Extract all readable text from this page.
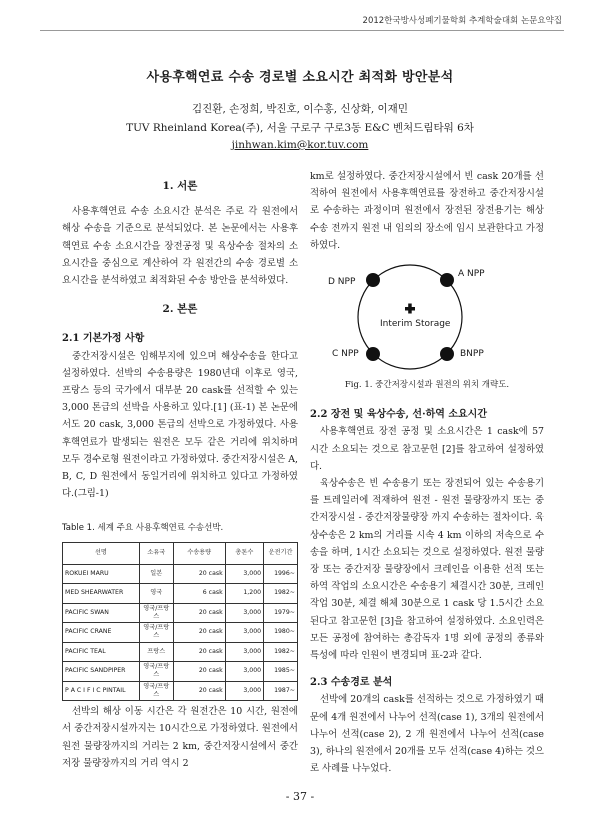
2012한국방사성폐기물학회 추계학술대회 논문요약집
사용후핵연료 수송 경로별 소요시간 최적화 방안분석
김진환, 손정희, 박진호, 이수홍, 신상화, 이재민
TUV Rheinland Korea(주), 서울 구로구 구로3동 E&C 벤처드림타워 6차
jinhwan.kim@kor.tuv.com

1. 서론

사용후핵연료 수송 소요시간 분석은 주로 각 원전에서 해상 수송을 기준으로 분석되었다. 본 논문에서는 사용후핵연료 수송 소요시간을 장전공정 및 육상수송 절차의 소요시간을 중심으로 계산하여 각 원전간의 수송 경로별 소요시간을 분석하였고 최적화된 수송 방안을 분석하였다.

2. 본론

2.1 기본가정 사항

중간저장시설은 임해부지에 있으며 해상수송을 한다고 설정하였다. 선박의 수송용량은 1980년대 이후로 영국, 프랑스 등의 국가에서 대부분 20 cask를 선적할 수 있는 3,000 톤급의 선박을 사용하고 있다.[1] (표-1) 본 논문에서도 20 cask, 3,000 톤급의 선박으로 가정하였다. 사용후핵연료가 발생되는 원전은 모두 같은 거리에 위치하며 모두 경수로형 원전이라고 가정하였다. 중간저장시설은 A, B, C, D 원전에서 동일거리에 위치하고 있다고 가정하였다.(그림-1)

Table 1. 세계 주요 사용후핵연료 수송선박.

선명	소유국	수송용량	총톤수	운전기간
ROKUEI MARU	일본	20 cask	3,000	1996~
MED SHEARWATER	영국	6 cask	1,200	1982~
PACIFIC SWAN	영국/프랑스	20 cask	3,000	1979~
PACIFIC CRANE	영국/프랑스	20 cask	3,000	1980~
PACIFIC TEAL	프랑스	20 cask	3,000	1982~
PACIFIC SANDPIPER	영국/프랑스	20 cask	3,000	1985~
P A C I F I C PINTAIL	영국/프랑스	20 cask	3,000	1987~

선박의 해상 이동 시간은 각 원전간은 10 시간, 원전에서 중간저장시설까지는 10시간으로 가정하였다. 원전에서 원전 물량장까지의 거리는 2 km, 중간저장시설에서 중간저장 물량장까지의 거리 역시 2

km로 설정하였다. 중간저장시설에서 빈 cask 20개를 선적하여 원전에서 사용후핵연료를 장전하고 중간저장시설로 수송하는 과정이며 원전에서 장전된 장전용기는 해상수송 전까지 원전 내 임의의 장소에 임시 보관한다고 가정하였다.

D NPP
A NPP
C NPP	BNPP
Interim Storage

Fig. 1. 중간저장시설과 원전의 위치 개략도.

2.2 장전 및 육상수송, 선·하역 소요시간

사용후핵연료 장전 공정 및 소요시간은 1 cask에 57 시간 소요되는 것으로 참고문헌 [2]를 참고하여 설정하였다.

육상수송은 빈 수송용기 또는 장전되어 있는 수송용기를 트레일러에 적재하여 원전 - 원전 물량장까지 또는 중간저장시설 - 중간저장물량장 까지 수송하는 절차이다. 육상수송은 2 km의 거리를 시속 4 km 이하의 저속으로 수송을 하며, 1시간 소요되는 것으로 설정하였다. 원전 물량장 또는 중간저장 물량장에서 크레인을 이용한 선적 또는 하역 작업의 소요시간은 수송용기 체결시간 30분, 크레인작업 30분, 체결 해체 30분으로 1 cask 당 1.5시간 소요된다고 참고문헌 [3]을 참고하여 설정하였다. 소요인력은 모든 공정에 참여하는 총감독자 1명 외에 공정의 종류와 특성에 따라 인원이 변경되며 표-2과 같다.

2.3 수송경로 분석

선박에 20개의 cask를 선적하는 것으로 가정하였기 때문에 4개 원전에서 나누어 선적(case 1), 3개의 원전에서 나누어 선적(case 2), 2 개 원전에서 나누어 선적(case 3), 하나의 원전에서 20개를 모두 선적(case 4)하는 것으로 사례를 나누었다.

- 37 -
